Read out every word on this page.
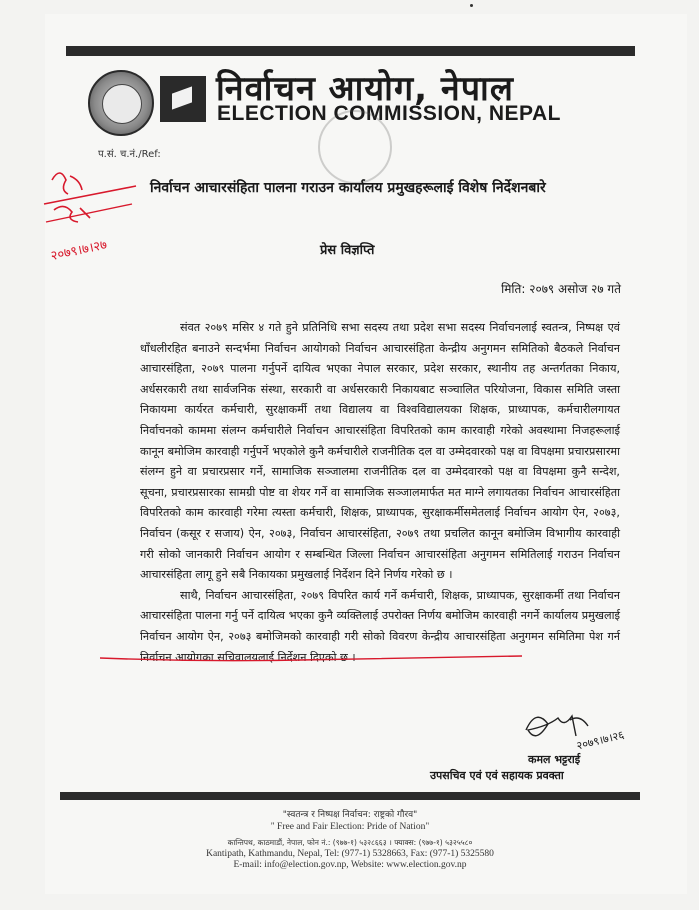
निर्वाचन आयोग, नेपाल
ELECTION COMMISSION, NEPAL
प.सं. च.नं./Ref:
२०७९।७।२७
निर्वाचन आचारसंहिता पालना गराउन कार्यालय प्रमुखहरूलाई विशेष निर्देशनबारे
प्रेस विज्ञप्ति
मिति: २०७९ असोज २७ गते

संवत २०७९ मसिर ४ गते हुने प्रतिनिधि सभा सदस्य तथा प्रदेश सभा सदस्य निर्वाचनलाई स्वतन्त्र, निष्पक्ष एवं धाँधलीरहित बनाउने सन्दर्भमा निर्वाचन आयोगको निर्वाचन आचारसंहिता केन्द्रीय अनुगमन समितिको बैठकले निर्वाचन आचारसंहिता, २०७९ पालना गर्नुपर्ने दायित्व भएका नेपाल सरकार, प्रदेश सरकार, स्थानीय तह अन्तर्गतका निकाय, अर्धसरकारी तथा सार्वजनिक संस्था, सरकारी वा अर्धसरकारी निकायबाट सञ्चालित परियोजना, विकास समिति जस्ता निकायमा कार्यरत कर्मचारी, सुरक्षाकर्मी तथा विद्यालय वा विश्वविद्यालयका शिक्षक, प्राध्यापक, कर्मचारीलगायत निर्वाचनको काममा संलग्न कर्मचारीले निर्वाचन आचारसंहिता विपरितको काम कारवाही गरेको अवस्थामा निजहरूलाई कानून बमोजिम कारवाही गर्नुपर्ने भएकोले कुनै कर्मचारीले राजनीतिक दल वा उम्मेदवारको पक्ष वा विपक्षमा प्रचारप्रसारमा संलग्न हुने वा प्रचारप्रसार गर्ने, सामाजिक सञ्जालमा राजनीतिक दल वा उम्मेदवारको पक्ष वा विपक्षमा कुनै सन्देश, सूचना, प्रचारप्रसारका सामग्री पोष्ट वा शेयर गर्ने वा सामाजिक सञ्जालमार्फत मत माग्ने लगायतका निर्वाचन आचारसंहिता विपरितको काम कारवाही गरेमा त्यस्ता कर्मचारी, शिक्षक, प्राध्यापक, सुरक्षाकर्मीसमेतलाई निर्वाचन आयोग ऐन, २०७३, निर्वाचन (कसूर र सजाय) ऐन, २०७३, निर्वाचन आचारसंहिता, २०७९ तथा प्रचलित कानून बमोजिम विभागीय कारवाही गरी सोको जानकारी निर्वाचन आयोग र सम्बन्धित जिल्ला निर्वाचन आचारसंहिता अनुगमन समितिलाई गराउन निर्वाचन आचारसंहिता लागू हुने सबै निकायका प्रमुखलाई निर्देशन दिने निर्णय गरेको छ ।

साथै, निर्वाचन आचारसंहिता, २०७९ विपरित कार्य गर्ने कर्मचारी, शिक्षक, प्राध्यापक, सुरक्षाकर्मी तथा निर्वाचन आचारसंहिता पालना गर्नु पर्ने दायित्व भएका कुनै व्यक्तिलाई उपरोक्त निर्णय बमोजिम कारवाही नगर्ने कार्यालय प्रमुखलाई निर्वाचन आयोग ऐन, २०७३ बमोजिमको कारवाही गरी सोको विवरण केन्द्रीय आचारसंहिता अनुगमन समितिमा पेश गर्न निर्वाचन आयोगका सचिवालयलाई निर्देशन दिएको छ ।

२०७९।७।२६
कमल भट्टराई
उपसचिव एवं एवं सहायक प्रवक्ता
"स्वतन्त्र र निष्पक्ष निर्वाचन: राष्ट्रको गौरव"
" Free and Fair Election: Pride of Nation"
कान्तिपथ, काठमाडौं, नेपाल, फोन नं.: (९७७-१) ५३२८६६३ । फ्याक्स: (९७७-१) ५३२५५८०
Kantipath, Kathmandu, Nepal, Tel: (977-1) 5328663, Fax: (977-1) 5325580
E-mail: info@election.gov.np, Website: www.election.gov.np
